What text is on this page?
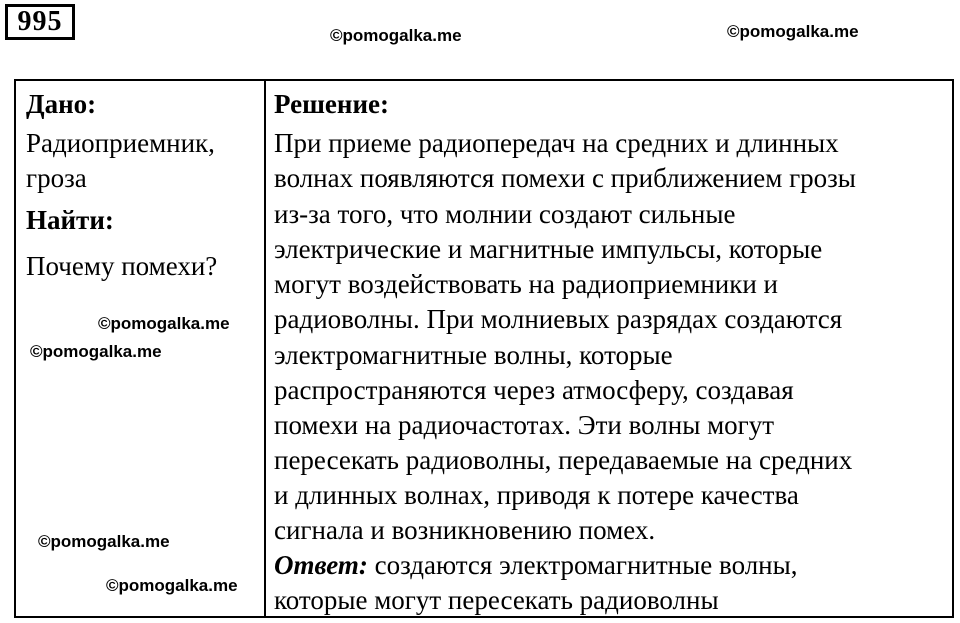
995	©pomogalka.me	©pomogalka.me
Дано:
Радиоприемник,
гроза
Найти:
Почему помехи?
©pomogalka.me
©pomogalka.me
©pomogalka.me
©pomogalka.me
Решение:
При приеме радиопередач на средних и длинных
волнах появляются помехи с приближением грозы
из-за того, что молнии создают сильные
электрические и магнитные импульсы, которые
могут воздействовать на радиоприемники и
радиоволны. При молниевых разрядах создаются
электромагнитные волны, которые
распространяются через атмосферу, создавая
помехи на радиочастотах. Эти волны могут
пересекать радиоволны, передаваемые на средних
и длинных волнах, приводя к потере качества
сигнала и возникновению помех.
Ответ: создаются электромагнитные волны,
которые могут пересекать радиоволны
